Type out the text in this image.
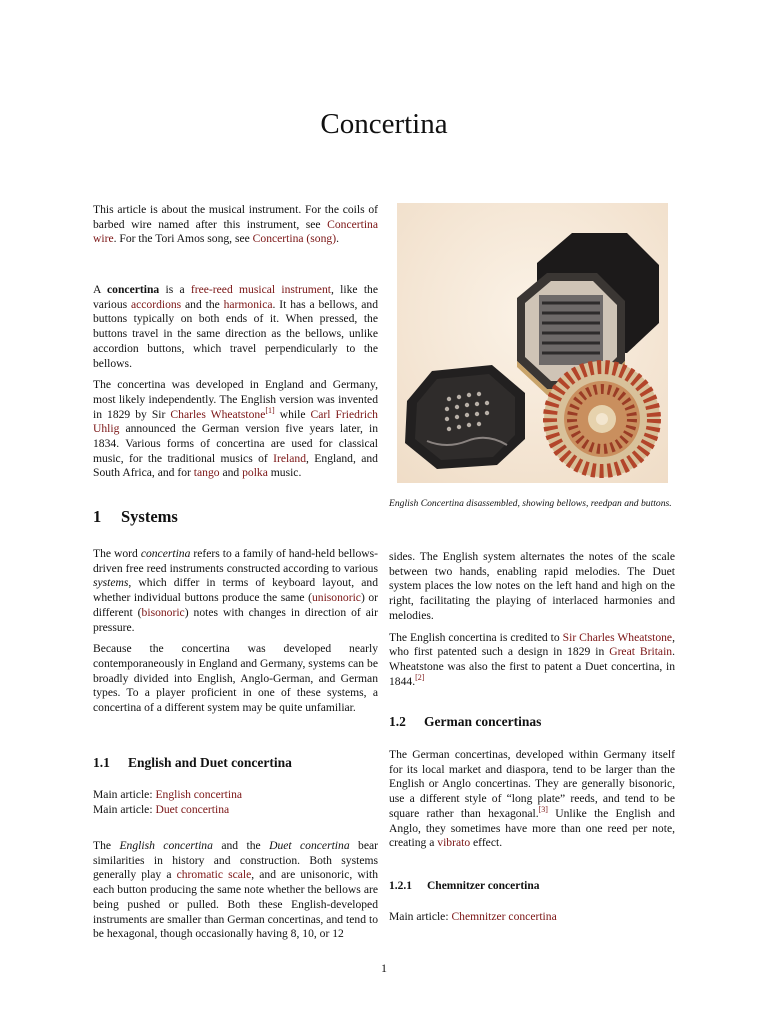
Concertina

This article is about the musical instrument. For the coils of barbed wire named after this instrument, see Concertina wire. For the Tori Amos song, see Concertina (song).

A concertina is a free-reed musical instrument, like the various accordions and the harmonica. It has a bellows, and buttons typically on both ends of it. When pressed, the buttons travel in the same direction as the bellows, unlike accordion buttons, which travel perpendicularly to the bellows.

The concertina was developed in England and Germany, most likely independently. The English version was invented in 1829 by Sir Charles Wheatstone[1] while Carl Friedrich Uhlig announced the German version five years later, in 1834. Various forms of concertina are used for classical music, for the traditional musics of Ireland, England, and South Africa, and for tango and polka music.

1 Systems

The word concertina refers to a family of hand-held bellows-driven free reed instruments constructed according to various systems, which differ in terms of keyboard layout, and whether individual buttons produce the same (unisonoric) or different (bisonoric) notes with changes in direction of air pressure.

Because the concertina was developed nearly contemporaneously in England and Germany, systems can be broadly divided into English, Anglo-German, and German types. To a player proficient in one of these systems, a concertina of a different system may be quite unfamiliar.

1.1 English and Duet concertina
Main article: English concertina
Main article: Duet concertina

The English concertina and the Duet concertina bear similarities in history and construction. Both systems generally play a chromatic scale, and are unisonoric, with each button producing the same note whether the bellows are being pushed or pulled. Both these English-developed instruments are smaller than German concertinas, and tend to be hexagonal, though occasionally having 8, 10, or 12

English Concertina disassembled, showing bellows, reedpan and buttons.

sides. The English system alternates the notes of the scale between two hands, enabling rapid melodies. The Duet system places the low notes on the left hand and high on the right, facilitating the playing of interlaced harmonies and melodies.

The English concertina is credited to Sir Charles Wheatstone, who first patented such a design in 1829 in Great Britain. Wheatstone was also the first to patent a Duet concertina, in 1844.[2]

1.2 German concertinas

The German concertinas, developed within Germany itself for its local market and diaspora, tend to be larger than the English or Anglo concertinas. They are generally bisonoric, use a different style of “long plate” reeds, and tend to be square rather than hexagonal.[3] Unlike the English and Anglo, they sometimes have more than one reed per note, creating a vibrato effect.

1.2.1 Chemnitzer concertina
Main article: Chemnitzer concertina
1
